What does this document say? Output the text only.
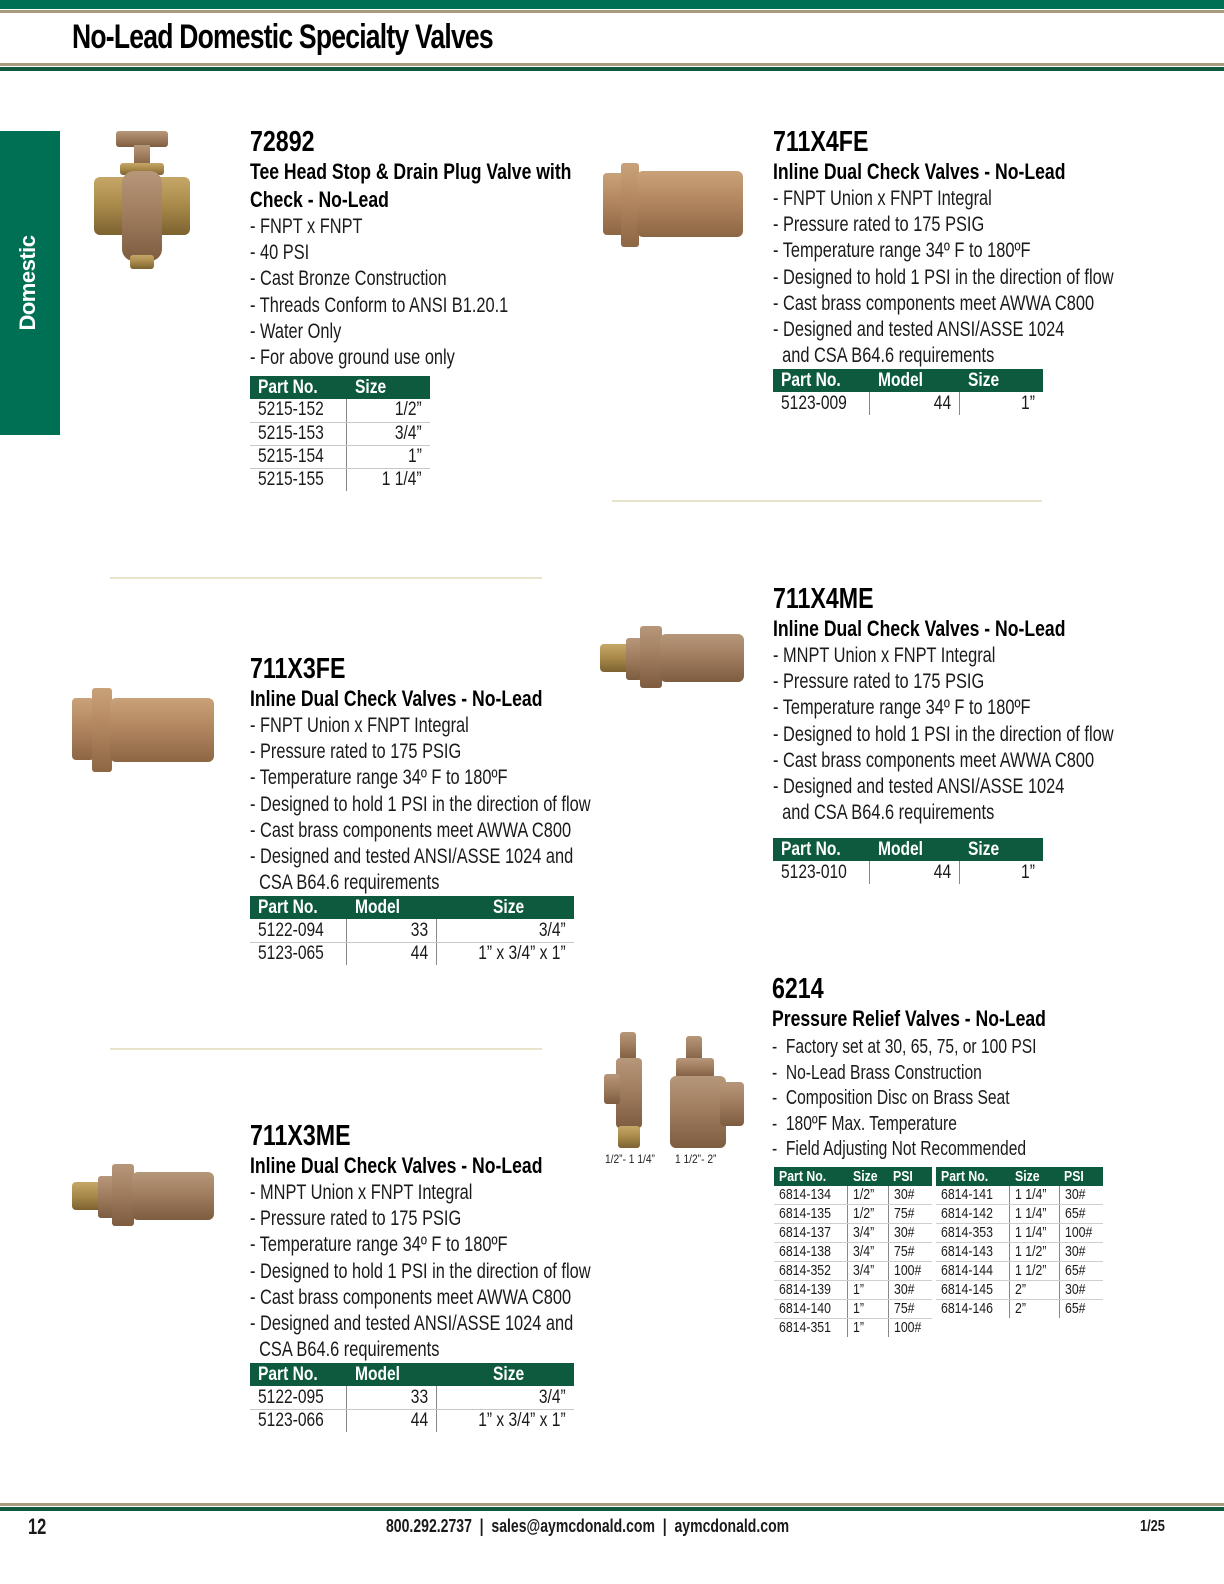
No-Lead Domestic Specialty Valves
Domestic
72892
Tee Head Stop & Drain Plug Valve with
Check - No-Lead
- FNPT x FNPT
- 40 PSI
- Cast Bronze Construction
- Threads Conform to ANSI B1.20.1
- Water Only
- For above ground use only
Part No.	Size
5215-152	1/2”
5215-153	3/4”
5215-154	1”
5215-155	1 1/4”
711X4FE
Inline Dual Check Valves - No-Lead
- FNPT Union x FNPT Integral
- Pressure rated to 175 PSIG
- Temperature range 34º F to 180ºF
- Designed to hold 1 PSI in the direction of flow
- Cast brass components meet AWWA C800
- Designed and tested ANSI/ASSE 1024
and CSA B64.6 requirements
Part No.	Model	Size
5123-009	44	1”
711X3FE
Inline Dual Check Valves - No-Lead
- FNPT Union x FNPT Integral
- Pressure rated to 175 PSIG
- Temperature range 34º F to 180ºF
- Designed to hold 1 PSI in the direction of flow
- Cast brass components meet AWWA C800
- Designed and tested ANSI/ASSE 1024 and
CSA B64.6 requirements
Part No.	Model	Size
5122-094	33	3/4”
5123-065	44	1” x 3/4” x 1”
711X4ME
Inline Dual Check Valves - No-Lead
- MNPT Union x FNPT Integral
- Pressure rated to 175 PSIG
- Temperature range 34º F to 180ºF
- Designed to hold 1 PSI in the direction of flow
- Cast brass components meet AWWA C800
- Designed and tested ANSI/ASSE 1024
and CSA B64.6 requirements
Part No.	Model	Size
5123-010	44	1”
711X3ME
Inline Dual Check Valves - No-Lead
- MNPT Union x FNPT Integral
- Pressure rated to 175 PSIG
- Temperature range 34º F to 180ºF
- Designed to hold 1 PSI in the direction of flow
- Cast brass components meet AWWA C800
- Designed and tested ANSI/ASSE 1024 and
CSA B64.6 requirements
Part No.	Model	Size
5122-095	33	3/4”
5123-066	44	1” x 3/4” x 1”
1/2”- 1 1/4” 1 1/2”- 2”
6214
Pressure Relief Valves - No-Lead
-  Factory set at 30, 65, 75, or 100 PSI
-  No-Lead Brass Construction
-  Composition Disc on Brass Seat
-  180ºF Max. Temperature
-  Field Adjusting Not Recommended
Part No.	Size	PSI
6814-134	1/2”	30#
6814-135	1/2”	75#
6814-137	3/4”	30#
6814-138	3/4”	75#
6814-352	3/4”	100#
6814-139	1”	30#
6814-140	1”	75#
6814-351	1”	100#
Part No.	Size	PSI
6814-141	1 1/4”	30#
6814-142	1 1/4”	65#
6814-353	1 1/4”	100#
6814-143	1 1/2”	30#
6814-144	1 1/2”	65#
6814-145	2”	30#
6814-146	2”	65#
12	800.292.2737  |  sales@aymcdonald.com  |  aymcdonald.com	1/25
